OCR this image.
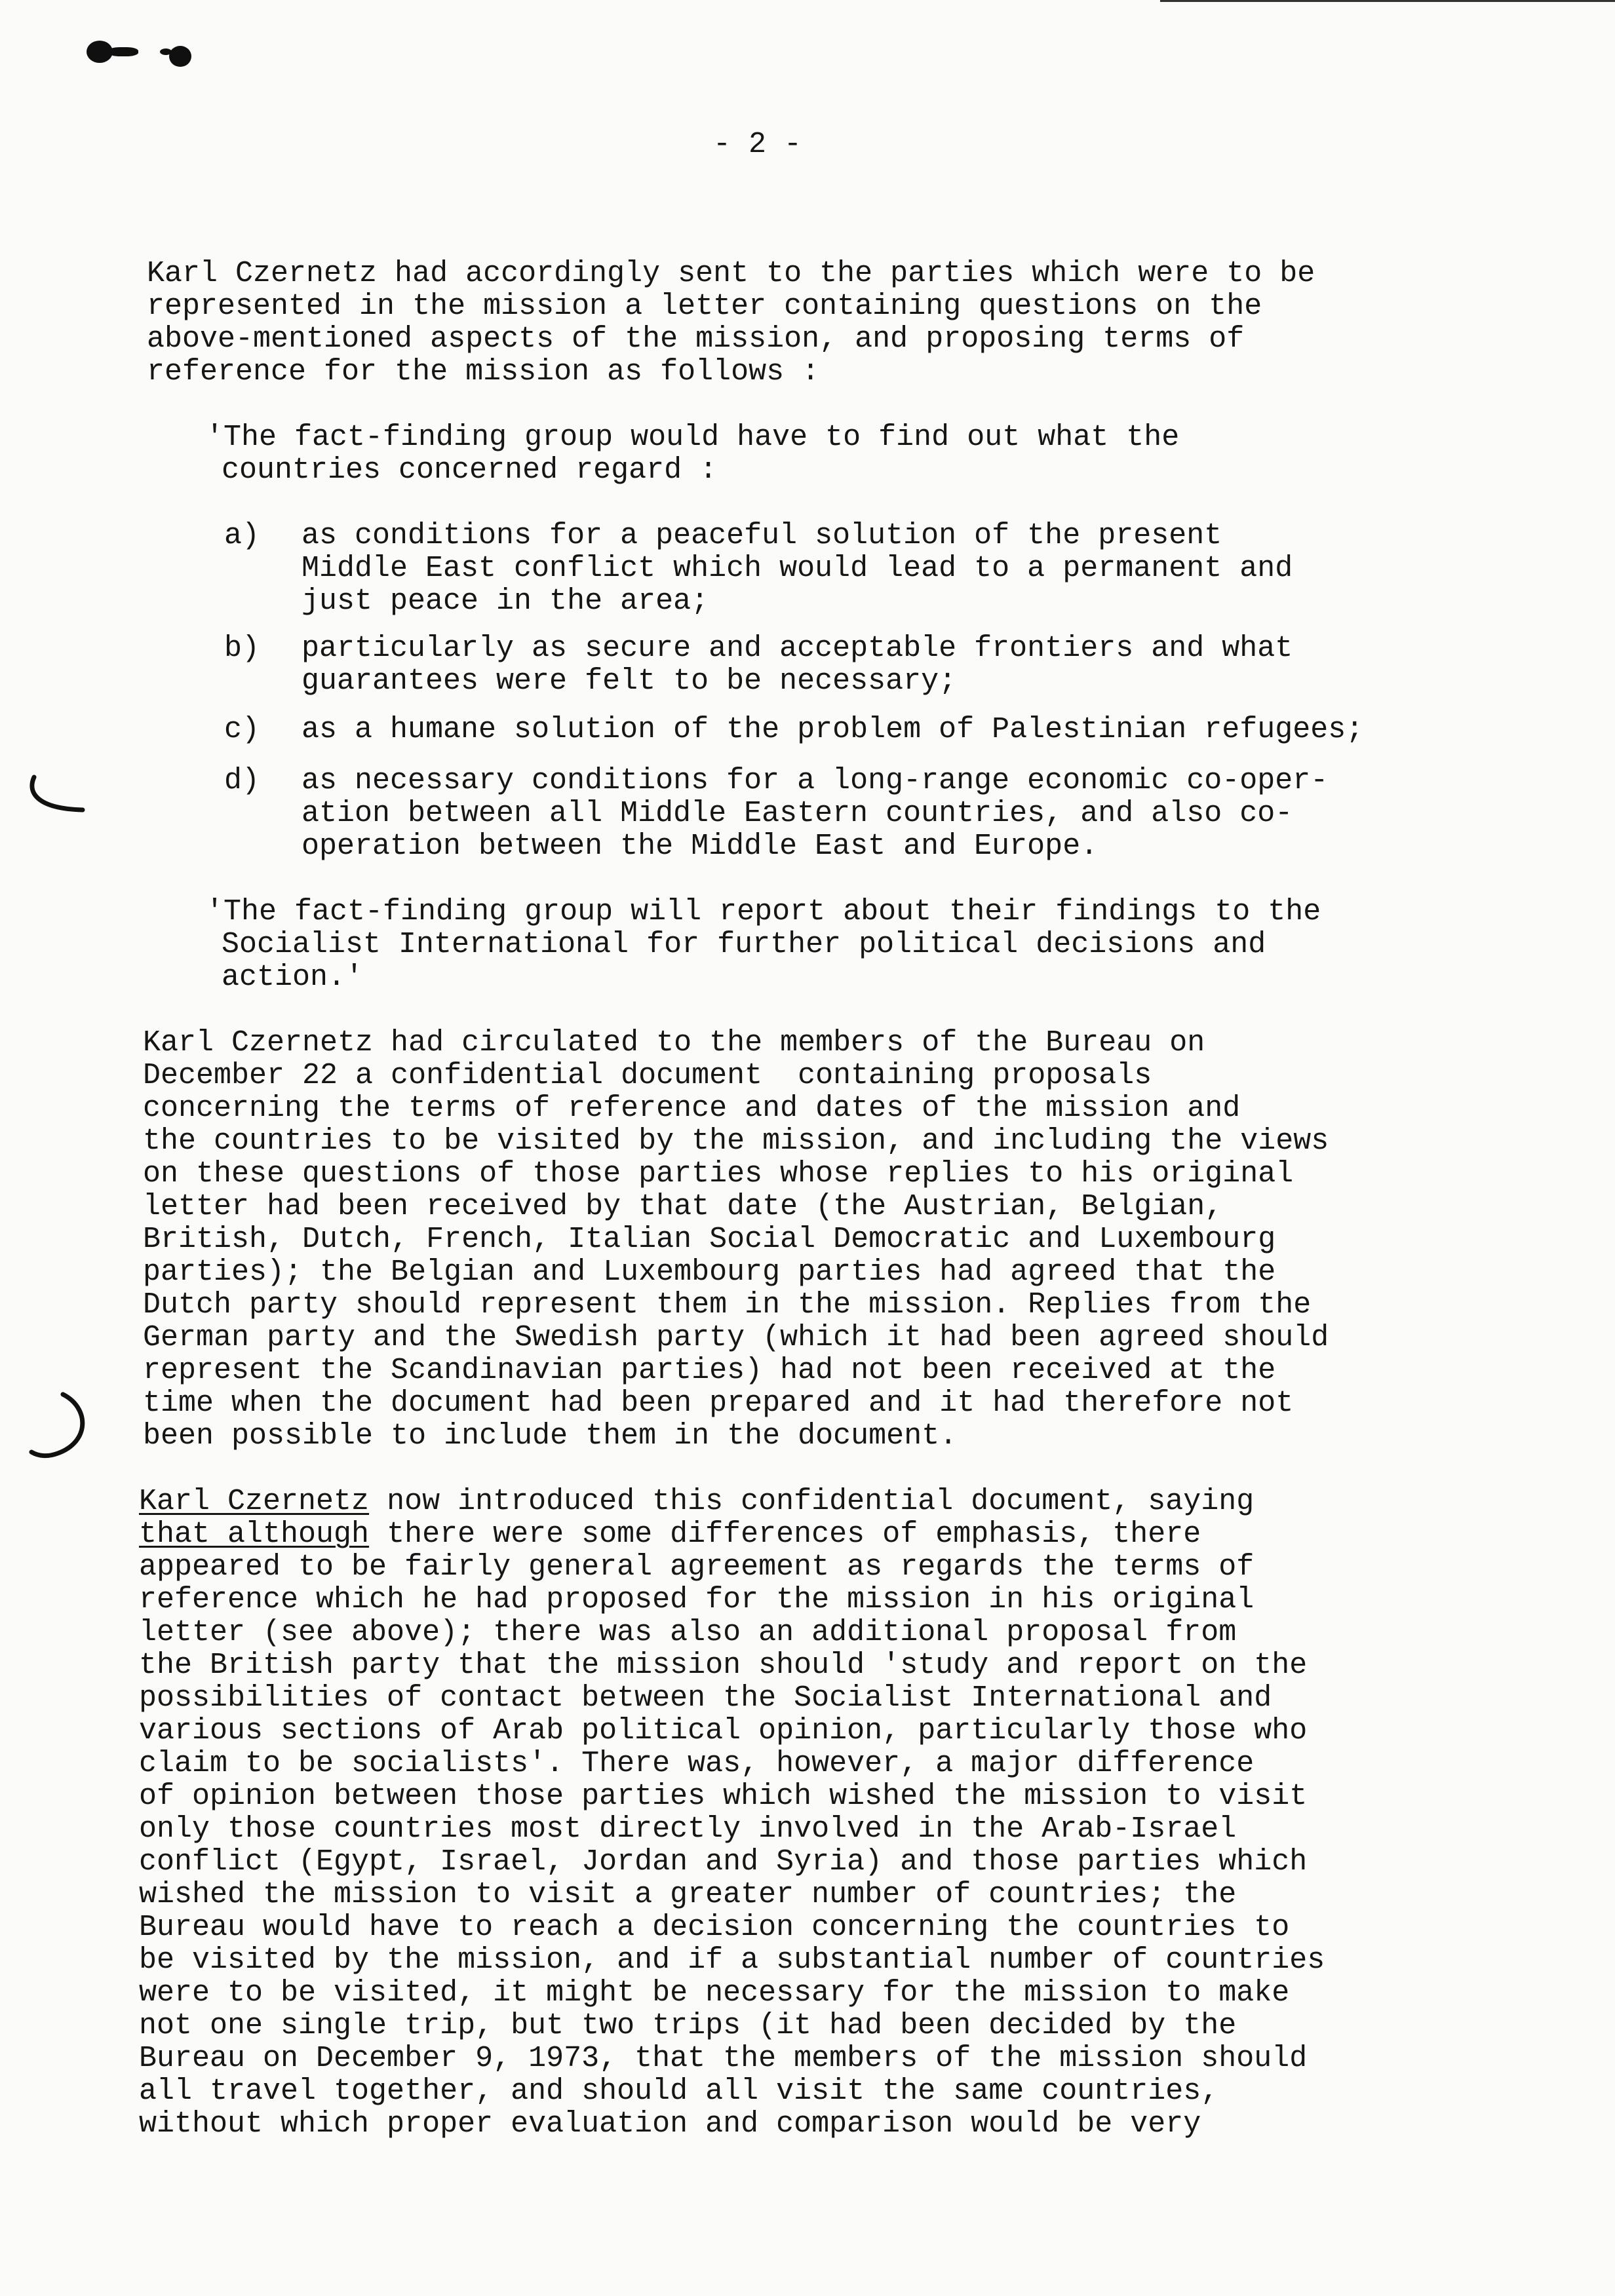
- 2 -
Karl Czernetz had accordingly sent to the parties which were to be
represented in the mission a letter containing questions on the
above-mentioned aspects of the mission, and proposing terms of
reference for the mission as follows :
'The fact-finding group would have to find out what the
countries concerned regard :
a) as conditions for a peaceful solution of the present
Middle East conflict which would lead to a permanent and
just peace in the area;
b) particularly as secure and acceptable frontiers and what
guarantees were felt to be necessary;
c) as a humane solution of the problem of Palestinian refugees;
d) as necessary conditions for a long-range economic co-oper-
ation between all Middle Eastern countries, and also co-
operation between the Middle East and Europe.
'The fact-finding group will report about their findings to the
Socialist International for further political decisions and
action.'
Karl Czernetz had circulated to the members of the Bureau on
December 22 a confidential document  containing proposals
concerning the terms of reference and dates of the mission and
the countries to be visited by the mission, and including the views
on these questions of those parties whose replies to his original
letter had been received by that date (the Austrian, Belgian,
British, Dutch, French, Italian Social Democratic and Luxembourg
parties); the Belgian and Luxembourg parties had agreed that the
Dutch party should represent them in the mission. Replies from the
German party and the Swedish party (which it had been agreed should
represent the Scandinavian parties) had not been received at the
time when the document had been prepared and it had therefore not
been possible to include them in the document.
Karl Czernetz now introduced this confidential document, saying
that although there were some differences of emphasis, there
appeared to be fairly general agreement as regards the terms of
reference which he had proposed for the mission in his original
letter (see above); there was also an additional proposal from
the British party that the mission should 'study and report on the
possibilities of contact between the Socialist International and
various sections of Arab political opinion, particularly those who
claim to be socialists'. There was, however, a major difference
of opinion between those parties which wished the mission to visit
only those countries most directly involved in the Arab-Israel
conflict (Egypt, Israel, Jordan and Syria) and those parties which
wished the mission to visit a greater number of countries; the
Bureau would have to reach a decision concerning the countries to
be visited by the mission, and if a substantial number of countries
were to be visited, it might be necessary for the mission to make
not one single trip, but two trips (it had been decided by the
Bureau on December 9, 1973, that the members of the mission should
all travel together, and should all visit the same countries,
without which proper evaluation and comparison would be very
